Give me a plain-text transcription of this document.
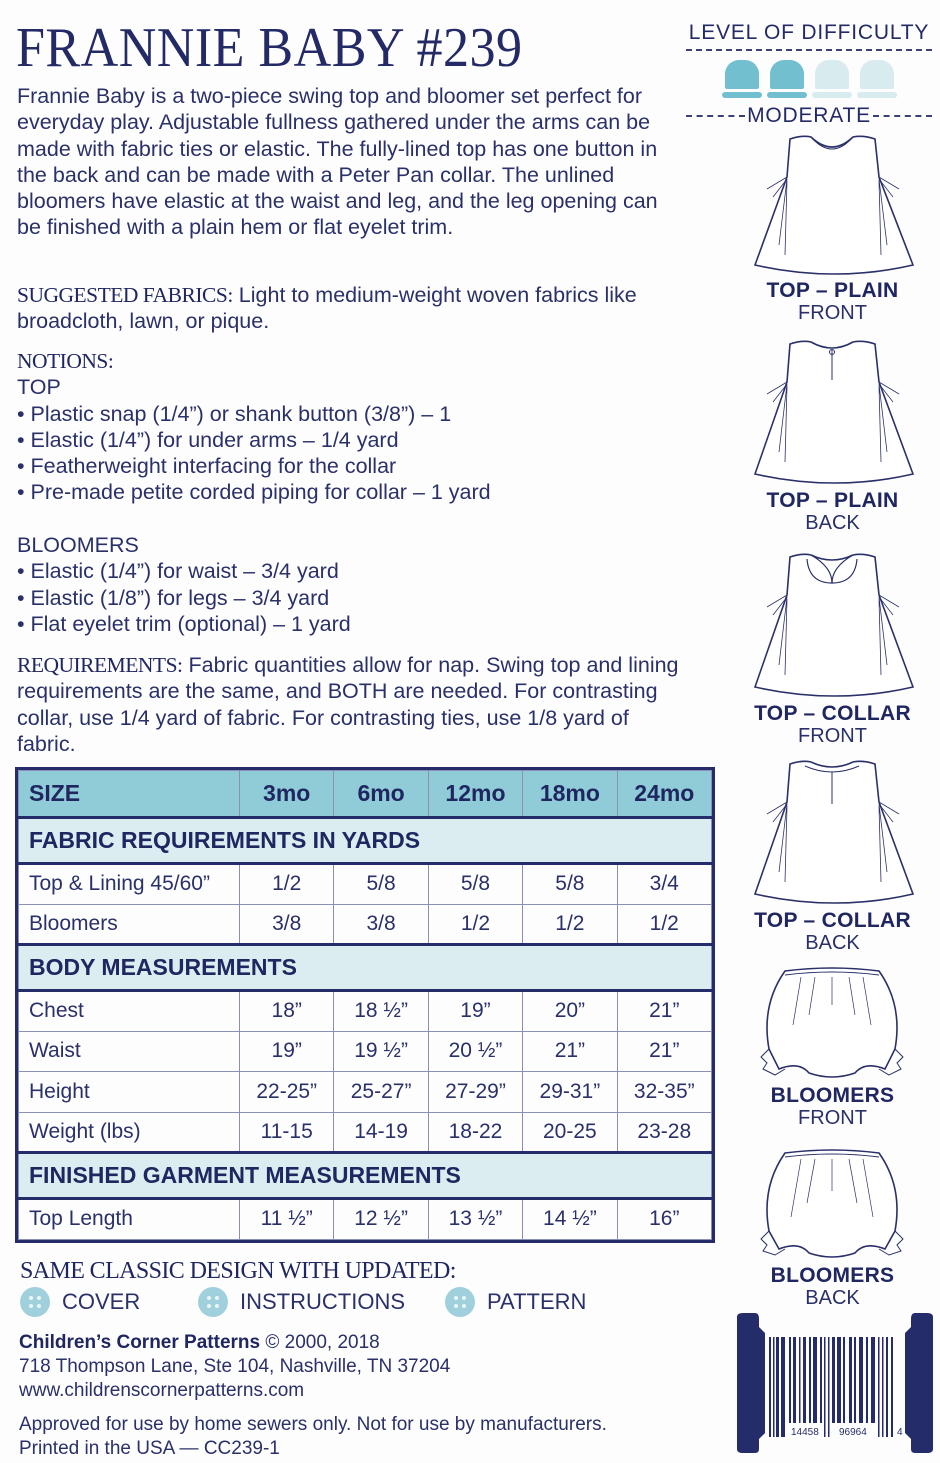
FRANNIE BABY #239

Frannie Baby is a two-piece swing top and bloomer set perfect for everyday play. Adjustable fullness gathered under the arms can be made with fabric ties or elastic. The fully-lined top has one button in the back and can be made with a Peter Pan collar. The unlined bloomers have elastic at the waist and leg, and the leg opening can be finished with a plain hem or flat eyelet trim.

SUGGESTED FABRICS: Light to medium-weight woven fabrics like broadcloth, lawn, or pique.

NOTIONS:
TOP
• Plastic snap (1/4”) or shank button (3/8”) – 1
• Elastic (1/4”) for under arms – 1/4 yard
• Featherweight interfacing for the collar
• Pre-made petite corded piping for collar – 1 yard
BLOOMERS
• Elastic (1/4”) for waist – 3/4 yard
• Elastic (1/8”) for legs – 3/4 yard
• Flat eyelet trim (optional) – 1 yard

REQUIREMENTS: Fabric quantities allow for nap. Swing top and lining requirements are the same, and BOTH are needed. For contrasting collar, use 1/4 yard of fabric. For contrasting ties, use 1/8 yard of fabric.

SIZE	3mo	6mo	12mo	18mo	24mo
FABRIC REQUIREMENTS IN YARDS					
Top & Lining 45/60”	1/2	5/8	5/8	5/8	3/4
Bloomers	3/8	3/8	1/2	1/2	1/2
BODY MEASUREMENTS					
Chest	18”	18 ½”	19”	20”	21”
Waist	19”	19 ½”	20 ½”	21”	21”
Height	22-25”	25-27”	27-29”	29-31”	32-35”
Weight (lbs)	11-15	14-19	18-22	20-25	23-28
FINISHED GARMENT MEASUREMENTS					
Top Length	11 ½”	12 ½”	13 ½”	14 ½”	16”
SAME CLASSIC DESIGN WITH UPDATED:
COVER	INSTRUCTIONS	PATTERN
Children’s Corner Patterns © 2000, 2018
718 Thompson Lane, Ste 104, Nashville, TN 37204
www.childrenscornerpatterns.com
Approved for use by home sewers only. Not for use by manufacturers.
Printed in the USA — CC239-1
LEVEL OF DIFFICULTY
MODERATE
TOP – PLAIN
FRONT
TOP – PLAIN
BACK
TOP – COLLAR
FRONT
TOP – COLLAR
BACK
BLOOMERS
FRONT
BLOOMERS
BACK
6	14458 96964	4
